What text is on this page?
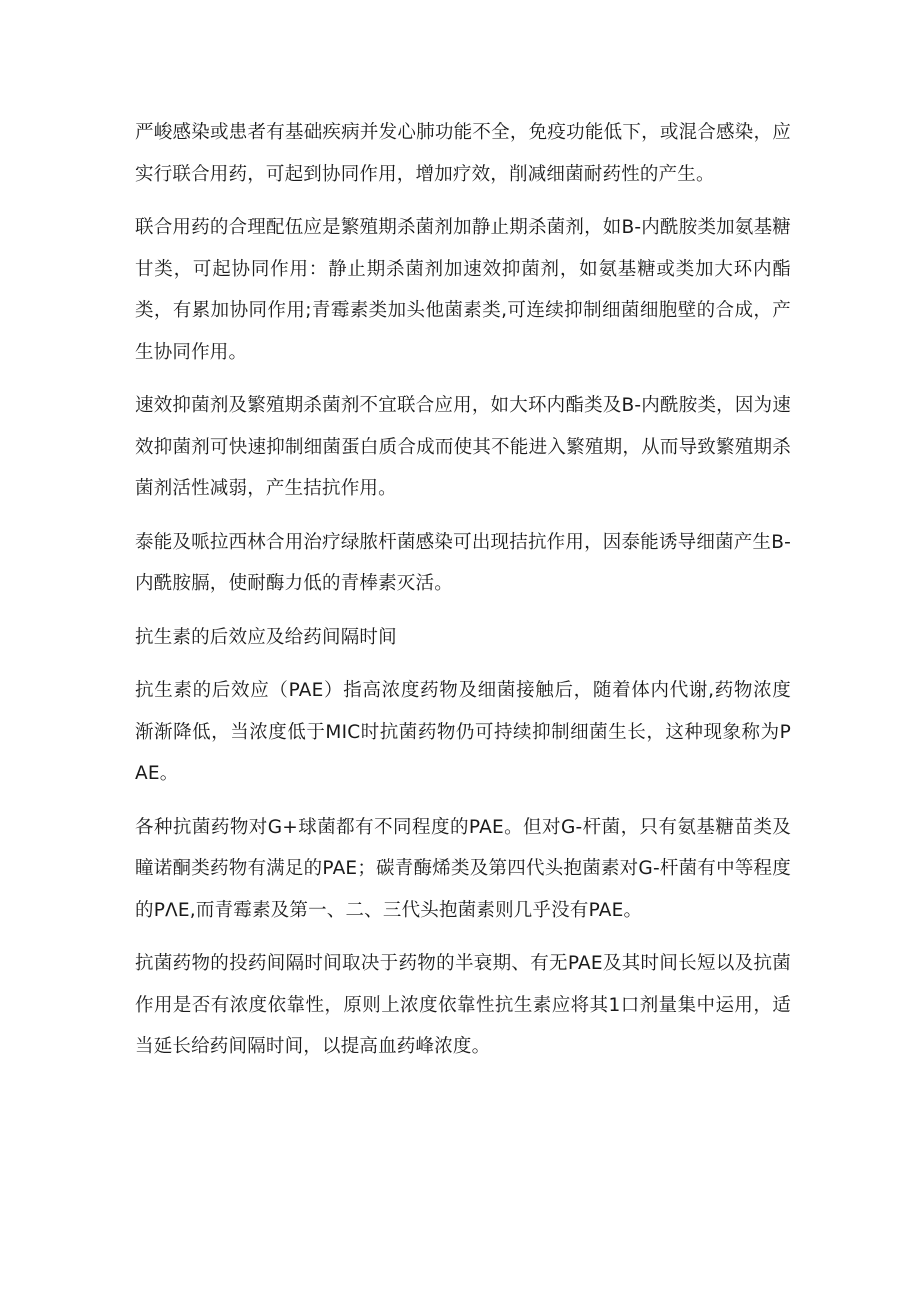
严峻感染或患者有基础疾病并发心肺功能不全，免疫功能低下，或混合感染，应实行联合用药，可起到协同作用，增加疗效，削减细菌耐药性的产生。

联合用药的合理配伍应是繁殖期杀菌剂加静止期杀菌剂，如B-内酰胺类加氨基糖甘类，可起协同作用：静止期杀菌剂加速效抑菌剂，如氨基糖或类加大环内酯类，有累加协同作用;青霉素类加头他菌素类,可连续抑制细菌细胞壁的合成，产生协同作用。

速效抑菌剂及繁殖期杀菌剂不宜联合应用，如大环内酯类及B-内酰胺类，因为速效抑菌剂可快速抑制细菌蛋白质合成而使其不能进入繁殖期，从而导致繁殖期杀菌剂活性减弱，产生拮抗作用。

泰能及哌拉西林合用治疗绿脓杆菌感染可出现拮抗作用，因泰能诱导细菌产生B-内酰胺膈，使耐酶力低的青棒素灭活。

抗生素的后效应及给药间隔时间

抗生素的后效应（PAE）指高浓度药物及细菌接触后，随着体内代谢,药物浓度渐渐降低，当浓度低于MIC时抗菌药物仍可持续抑制细菌生长，这种现象称为PAE。

各种抗菌药物对G+球菌都有不同程度的PAE。但对G-杆菌，只有氨基糖苗类及瞳诺酮类药物有满足的PAE；碳青酶烯类及第四代头抱菌素对G-杆菌有中等程度的PΛE,而青霉素及第一、二、三代头抱菌素则几乎没有PAE。

抗菌药物的投药间隔时间取决于药物的半衰期、有无PAE及其时间长短以及抗菌作用是否有浓度依靠性，原则上浓度依靠性抗生素应将其1口剂量集中运用，适当延长给药间隔时间，以提高血药峰浓度。
